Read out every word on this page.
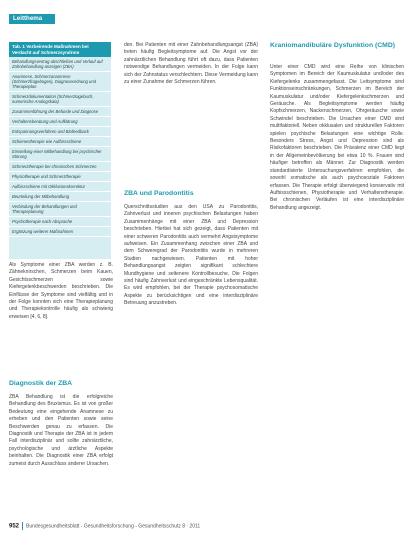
Leitthema
Tab. 1 Vorbeirende Maßnahmen bei Verdacht auf Schmerzsyndrom
Behandlungsvertrag abschließen und Verlauf auf Zahnbehandlung anzeigen (ZBA)
Anamnese, Schmerzanamnese (Schmerzfragebogen), Diagnoseordnung und Therapieplan
Schmerzdokumentation (Schmerztagebuch, numerische Analogskala)
Zusammenführung der Befunde und Diagnose
Verhaltensberatung und Aufklärung
Entspannungsverfahren und Biofeedback
Schienentherapie wie Aufbissschiene
Einstellung einer Mitbehandlung bei psychischer Störung
Schmerztherapie bei chronischen Schmerzen
Physiotherapie und Schmerztherapie
Aufbissschiene mit Okklusionskorrektur
Beurteilung der Mitbehandlung
Verbindung der Behandlungen und Therapieplanung
Psychotherapie nach Absprache
Ergänzung weiterer Maßnahmen

Als Symptome einer ZBA werden z. B. Zähneknirschen, Schmerzen beim Kauen, Gesichtsschmerzen sowie Kiefergelenkbeschwerden beschrieben. Die Einflüsse der Symptome sind vielfältig und in der Folge konnten sich eine Therapieplanung und Therapiekontrolle häufig als schwierig erweisen [4, 6, 8].

Diagnostik der ZBA

ZBA Behandlung ist die erfolgreiche Behandlung des Bruxismus. Es ist von großer Bedeutung eine eingehende Anamnese zu erheben und den Patienten sowie seine Beschwerden genau zu erfassen. Die Diagnostik und Therapie der ZBA ist in jedem Fall interdisziplinär und sollte zahnärztliche, psychologische und ärztliche Aspekte beinhalten. Die Diagnostik einer ZBA erfolgt zumeist durch Ausschluss anderer Ursachen.

den. Bei Patienten mit einer Zahnbehandlungsangst (ZBA) treten häufig Begleitsymptome auf. Die Angst vor der zahnärztlichen Behandlung führt oft dazu, dass Patienten notwendige Behandlungen vermeiden. In der Folge kann sich der Zahnstatus verschlechtern. Diese Vermeidung kann zu einer Zunahme der Schmerzen führen.

ZBA und Parodontitis

Querschnittsstudien aus den USA zu Parodontitis, Zahnverlust und inneren psychischen Belastungen haben Zusammenhänge mit einer ZBA und Depression beschrieben. Hierbei hat sich gezeigt, dass Patienten mit einer schweren Parodontitis auch vermehrt Angstsymptome aufweisen. Ein Zusammenhang zwischen einer ZBA und dem Schweregrad der Parodontitis wurde in mehreren Studien nachgewiesen. Patienten mit hoher Behandlungsangst zeigten signifikant schlechtere Mundhygiene und seltenere Kontrollbesuche. Die Folgen sind häufig Zahnverlust und eingeschränkte Lebensqualität. Es wird empfohlen, bei der Therapie psychosomatische Aspekte zu berücksichtigen und eine interdisziplinäre Betreuung anzustreben.

Kraniomandibuläre Dysfunktion (CMD)

Unter einer CMD wird eine Reihe von klinischen Symptomen im Bereich der Kaumuskulatur und/oder des Kiefergelenks zusammengefasst. Die Leitsymptome sind Funktionseinschränkungen, Schmerzen im Bereich der Kaumuskulatur und/oder Kiefergelenkschmerzen und Geräusche. Als Begleitsymptome werden häufig Kopfschmerzen, Nackenschmerzen, Ohrgeräusche sowie Schwindel beschrieben. Die Ursachen einer CMD sind multifaktoriell. Neben okklusalen und strukturellen Faktoren spielen psychische Belastungen eine wichtige Rolle. Besonders Stress, Angst und Depression sind als Risikofaktoren beschrieben. Die Prävalenz einer CMD liegt in der Allgemeinbevölkerung bei etwa 10 %. Frauen sind häufiger betroffen als Männer. Zur Diagnostik werden standardisierte Untersuchungsverfahren empfohlen, die sowohl somatische als auch psychosoziale Faktoren erfassen. Die Therapie erfolgt überwiegend konservativ mit Aufbissschienen, Physiotherapie und Verhaltenstherapie. Bei chronischen Verläufen ist eine interdisziplinäre Behandlung angezeigt.

952 Bundesgesundheitsblatt - Gesundheitsforschung - Gesundheitsschutz 8 · 2011
